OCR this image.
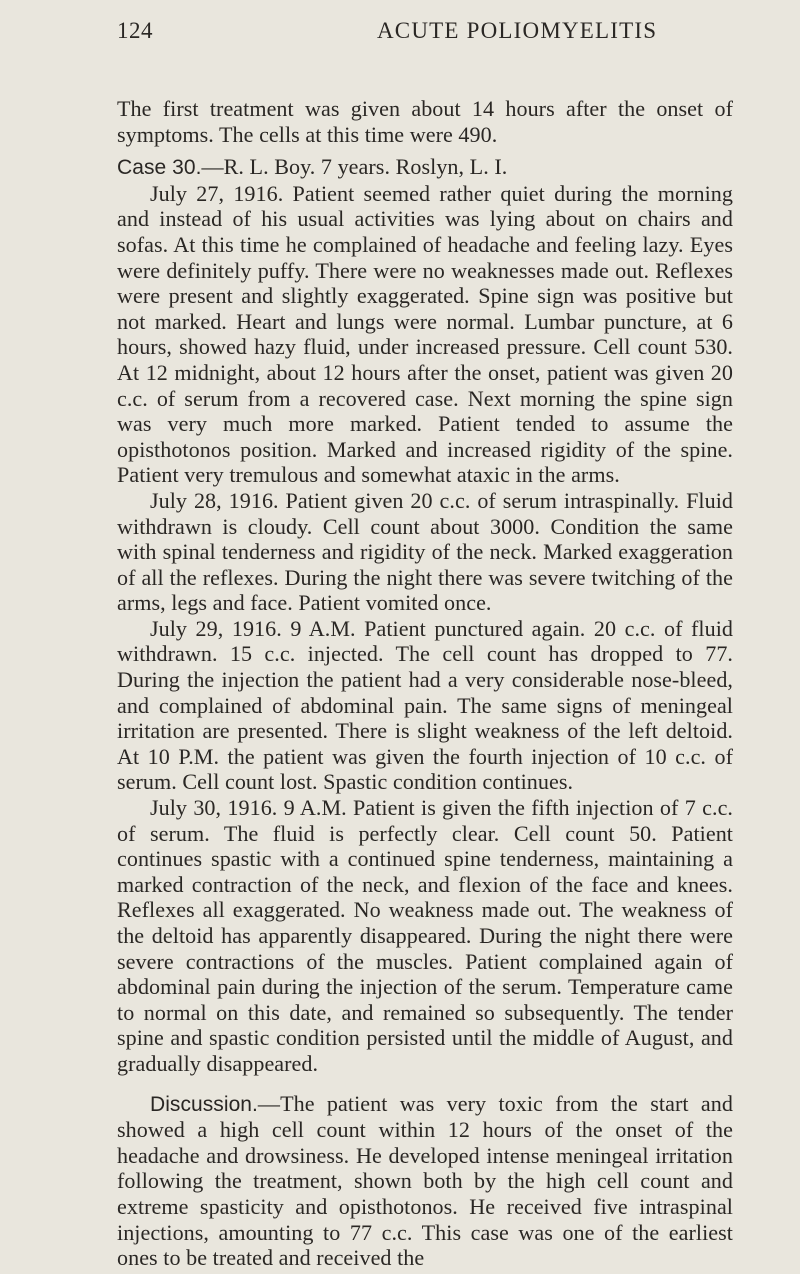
124	ACUTE POLIOMYELITIS

The first treatment was given about 14 hours after the onset of symptoms. The cells at this time were 490.

Case 30.—R. L. Boy. 7 years. Roslyn, L. I.

July 27, 1916. Patient seemed rather quiet during the morning and instead of his usual activities was lying about on chairs and sofas. At this time he complained of headache and feeling lazy. Eyes were definitely puffy. There were no weaknesses made out. Reflexes were present and slightly exaggerated. Spine sign was positive but not marked. Heart and lungs were normal. Lumbar puncture, at 6 hours, showed hazy fluid, under increased pressure. Cell count 530. At 12 midnight, about 12 hours after the onset, patient was given 20 c.c. of serum from a recovered case. Next morning the spine sign was very much more marked. Patient tended to assume the opisthotonos position. Marked and increased rigidity of the spine. Patient very tremulous and somewhat ataxic in the arms.

July 28, 1916. Patient given 20 c.c. of serum intraspinally. Fluid withdrawn is cloudy. Cell count about 3000. Condition the same with spinal tenderness and rigidity of the neck. Marked exaggeration of all the reflexes. During the night there was severe twitching of the arms, legs and face. Patient vomited once.

July 29, 1916. 9 A.M. Patient punctured again. 20 c.c. of fluid withdrawn. 15 c.c. injected. The cell count has dropped to 77. During the injection the patient had a very considerable nose-bleed, and complained of abdominal pain. The same signs of meningeal irritation are presented. There is slight weakness of the left deltoid. At 10 P.M. the patient was given the fourth injection of 10 c.c. of serum. Cell count lost. Spastic condition continues.

July 30, 1916. 9 A.M. Patient is given the fifth injection of 7 c.c. of serum. The fluid is perfectly clear. Cell count 50. Patient continues spastic with a continued spine tenderness, maintaining a marked contraction of the neck, and flexion of the face and knees. Reflexes all exaggerated. No weakness made out. The weakness of the deltoid has apparently disappeared. During the night there were severe contractions of the muscles. Patient complained again of abdominal pain during the injection of the serum. Temperature came to normal on this date, and remained so subsequently. The tender spine and spastic condition persisted until the middle of August, and gradually disappeared.

Discussion.—The patient was very toxic from the start and showed a high cell count within 12 hours of the onset of the headache and drowsiness. He developed intense meningeal irritation following the treatment, shown both by the high cell count and extreme spasticity and opisthotonos. He received five intraspinal injections, amounting to 77 c.c. This case was one of the earliest ones to be treated and received the
